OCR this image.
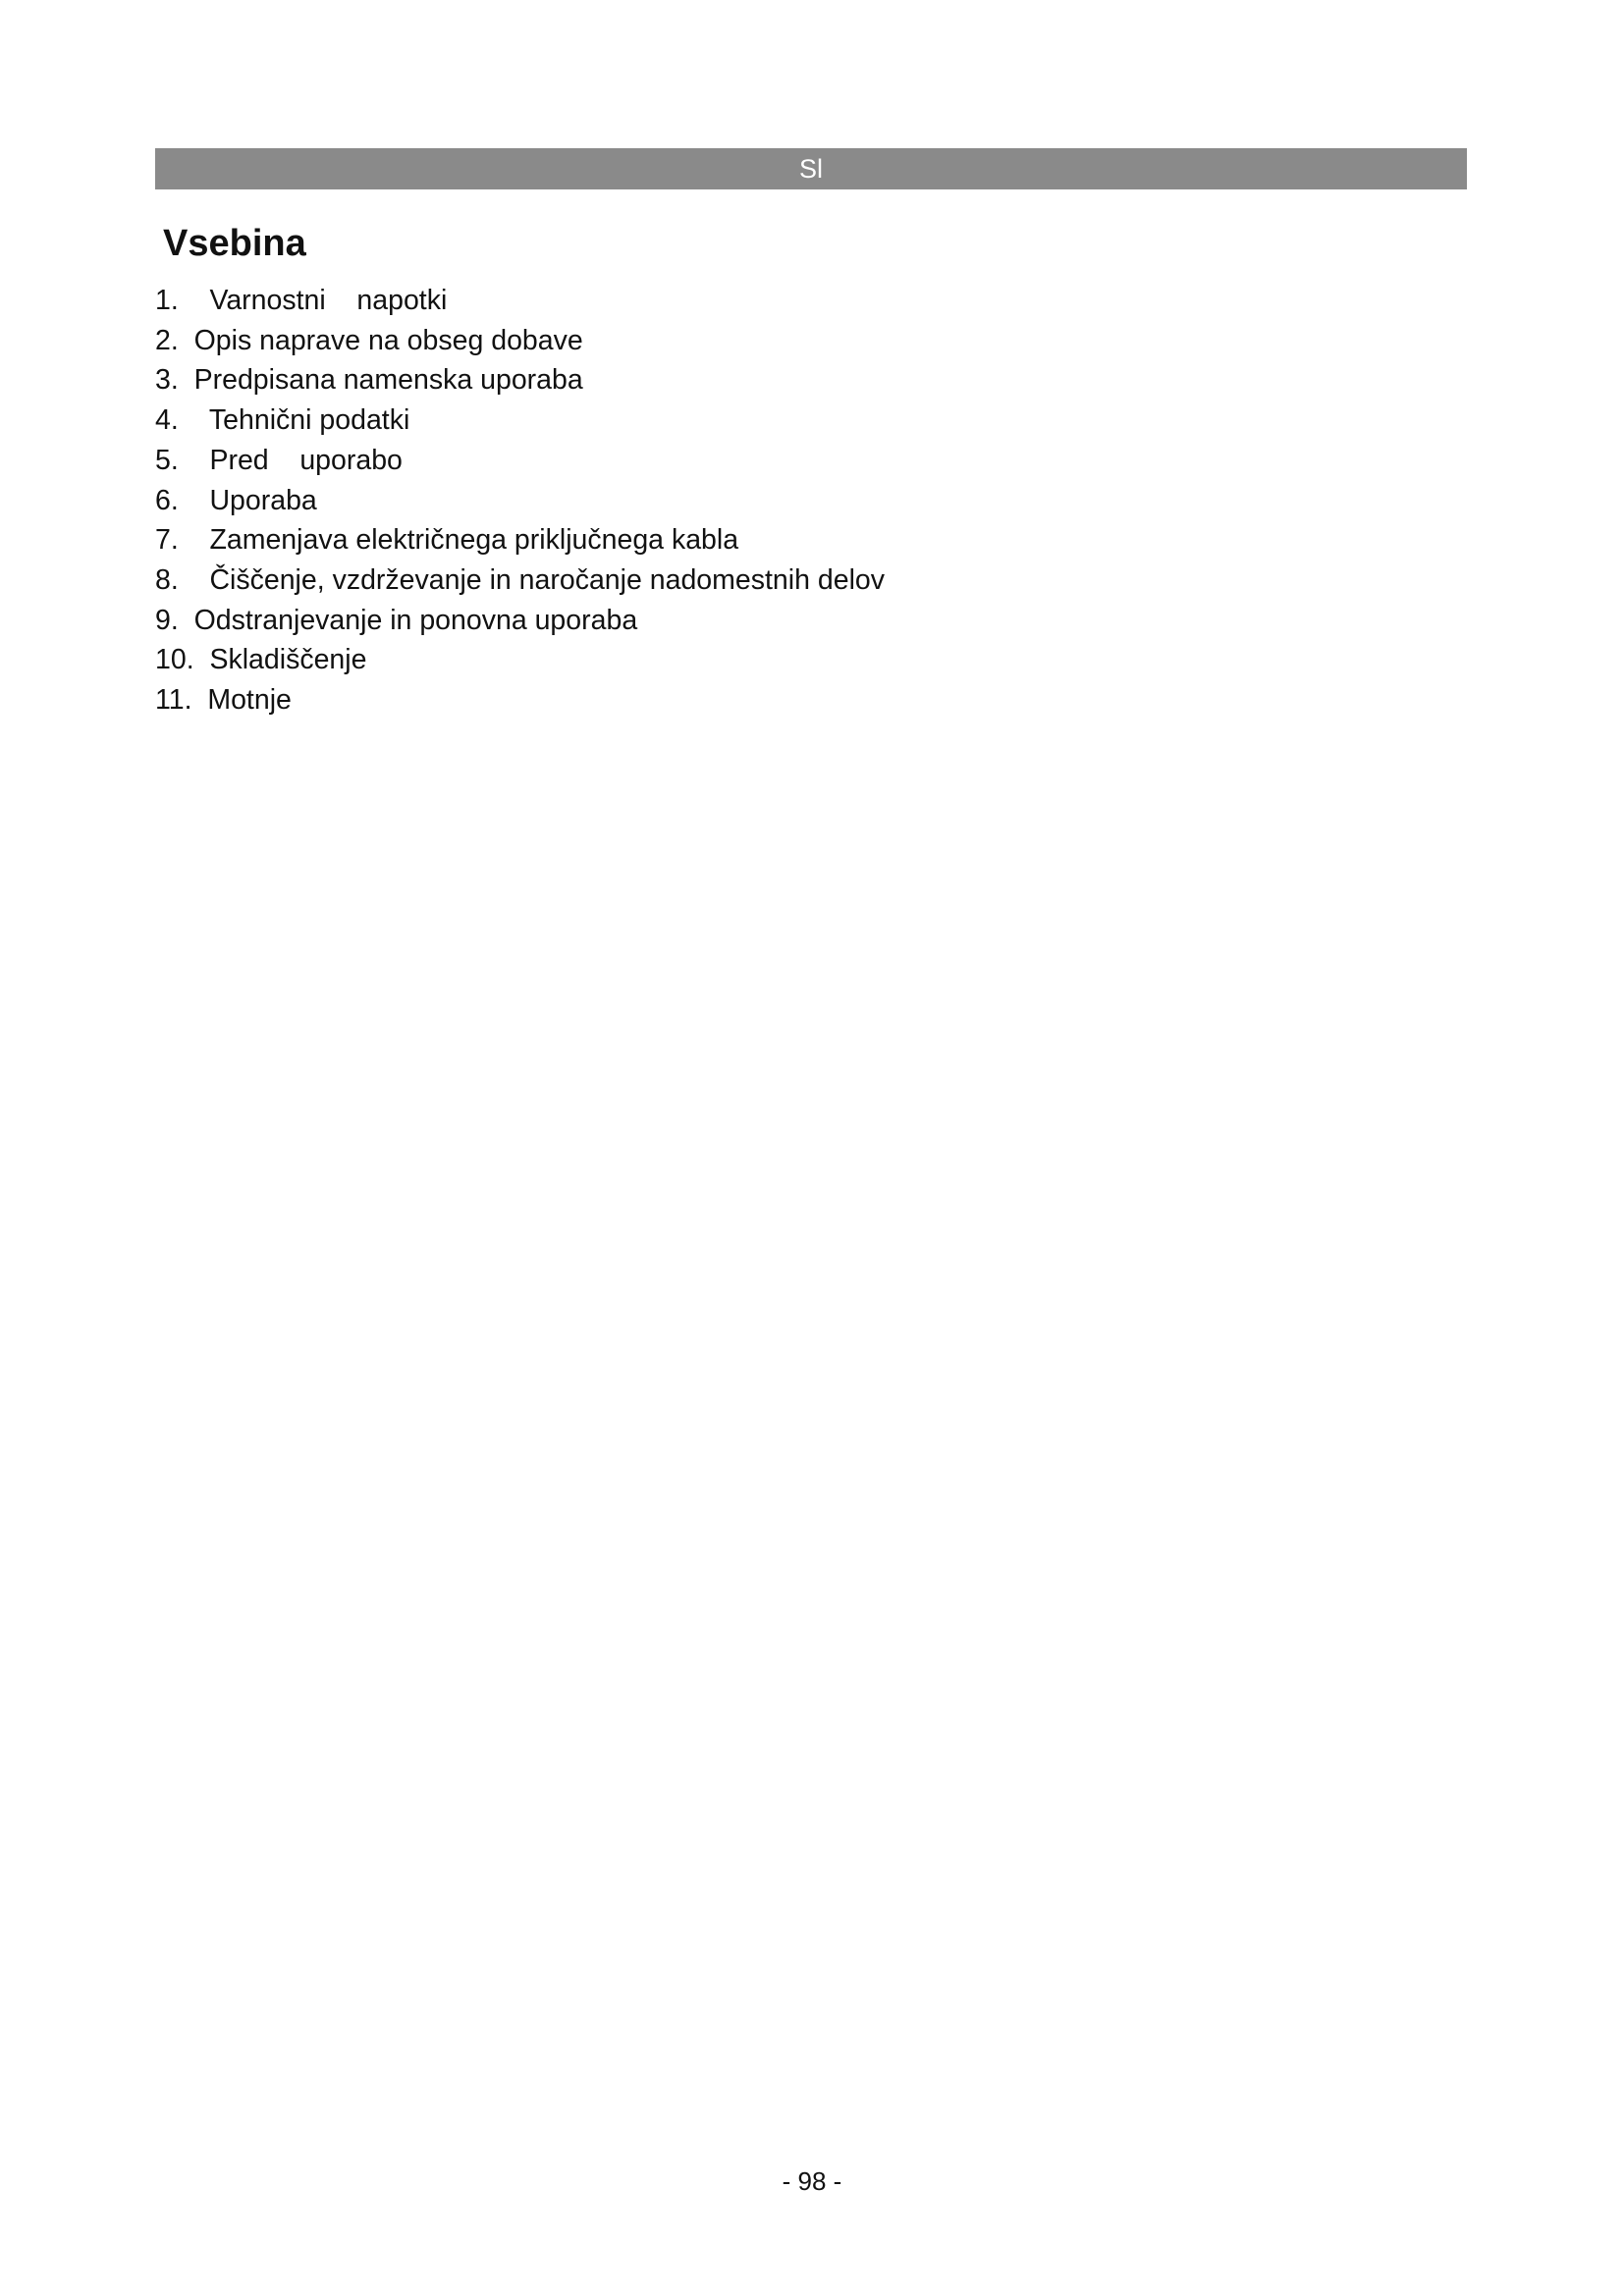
Sl
Vsebina
1.    Varnostni    napotki
2.  Opis naprave na obseg dobave
3.  Predpisana namenska uporaba
4.    Tehnični podatki
5.    Pred    uporabo
6.    Uporaba
7.    Zamenjava električnega priključnega kabla
8.    Čiščenje, vzdrževanje in naročanje nadomestnih delov
9.  Odstranjevanje in ponovna uporaba
10.  Skladiščenje
11.  Motnje
- 98 -
